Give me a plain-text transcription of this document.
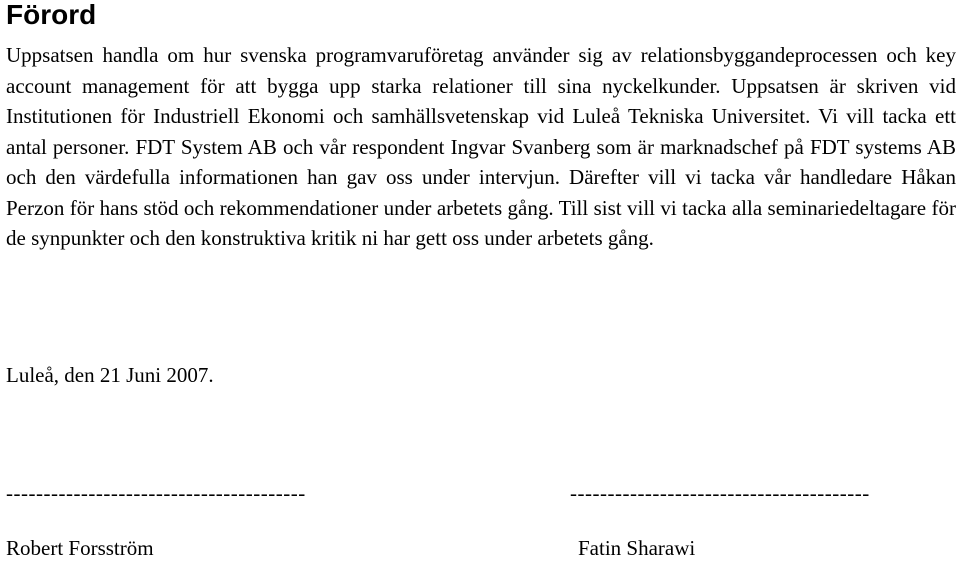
Förord

Uppsatsen handla om hur svenska programvaruföretag använder sig av relationsbyggandeprocessen och key account management för att bygga upp starka relationer till sina nyckelkunder. Uppsatsen är skriven vid Institutionen för Industriell Ekonomi och samhällsvetenskap vid Luleå Tekniska Universitet. Vi vill tacka ett antal personer. FDT System AB och vår respondent Ingvar Svanberg som är marknadschef på FDT systems AB och den värdefulla informationen han gav oss under intervjun. Därefter vill vi tacka vår handledare Håkan Perzon för hans stöd och rekommendationer under arbetets gång. Till sist vill vi tacka alla seminariedeltagare för de synpunkter och den konstruktiva kritik ni har gett oss under arbetets gång.

Luleå, den 21 Juni 2007.

----------------------------------------	----------------------------------------
Robert Forsström	Fatin Sharawi
